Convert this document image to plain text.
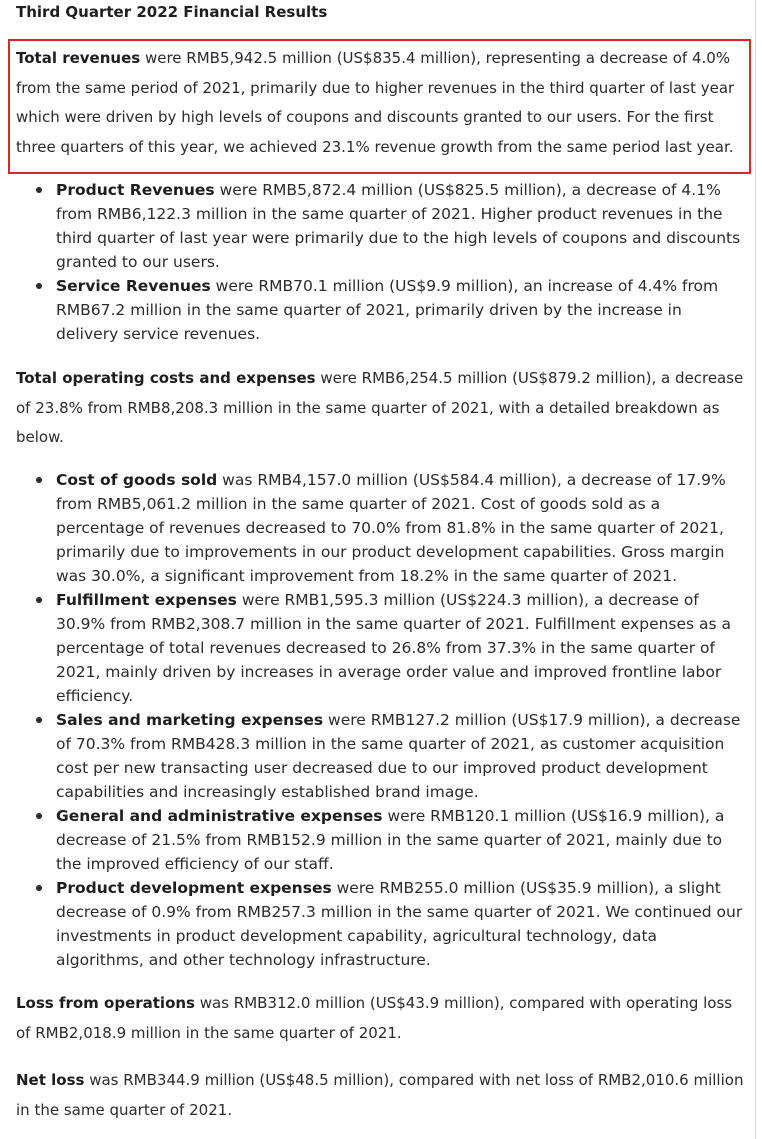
Third Quarter 2022 Financial Results

Total revenues were RMB5,942.5 million (US$835.4 million), representing a decrease of 4.0% from the same period of 2021, primarily due to higher revenues in the third quarter of last year which were driven by high levels of coupons and discounts granted to our users. For the first three quarters of this year, we achieved 23.1% revenue growth from the same period last year.

Product Revenues were RMB5,872.4 million (US$825.5 million), a decrease of 4.1% from RMB6,122.3 million in the same quarter of 2021. Higher product revenues in the third quarter of last year were primarily due to the high levels of coupons and discounts granted to our users.
Service Revenues were RMB70.1 million (US$9.9 million), an increase of 4.4% from RMB67.2 million in the same quarter of 2021, primarily driven by the increase in delivery service revenues.

Total operating costs and expenses were RMB6,254.5 million (US$879.2 million), a decrease of 23.8% from RMB8,208.3 million in the same quarter of 2021, with a detailed breakdown as below.

Cost of goods sold was RMB4,157.0 million (US$584.4 million), a decrease of 17.9% from RMB5,061.2 million in the same quarter of 2021. Cost of goods sold as a percentage of revenues decreased to 70.0% from 81.8% in the same quarter of 2021, primarily due to improvements in our product development capabilities. Gross margin was 30.0%, a significant improvement from 18.2% in the same quarter of 2021.
Fulfillment expenses were RMB1,595.3 million (US$224.3 million), a decrease of 30.9% from RMB2,308.7 million in the same quarter of 2021. Fulfillment expenses as a percentage of total revenues decreased to 26.8% from 37.3% in the same quarter of 2021, mainly driven by increases in average order value and improved frontline labor efficiency.
Sales and marketing expenses were RMB127.2 million (US$17.9 million), a decrease of 70.3% from RMB428.3 million in the same quarter of 2021, as customer acquisition cost per new transacting user decreased due to our improved product development capabilities and increasingly established brand image.
General and administrative expenses were RMB120.1 million (US$16.9 million), a decrease of 21.5% from RMB152.9 million in the same quarter of 2021, mainly due to the improved efficiency of our staff.
Product development expenses were RMB255.0 million (US$35.9 million), a slight decrease of 0.9% from RMB257.3 million in the same quarter of 2021. We continued our investments in product development capability, agricultural technology, data algorithms, and other technology infrastructure.

Loss from operations was RMB312.0 million (US$43.9 million), compared with operating loss of RMB2,018.9 million in the same quarter of 2021.

Net loss was RMB344.9 million (US$48.5 million), compared with net loss of RMB2,010.6 million in the same quarter of 2021.
